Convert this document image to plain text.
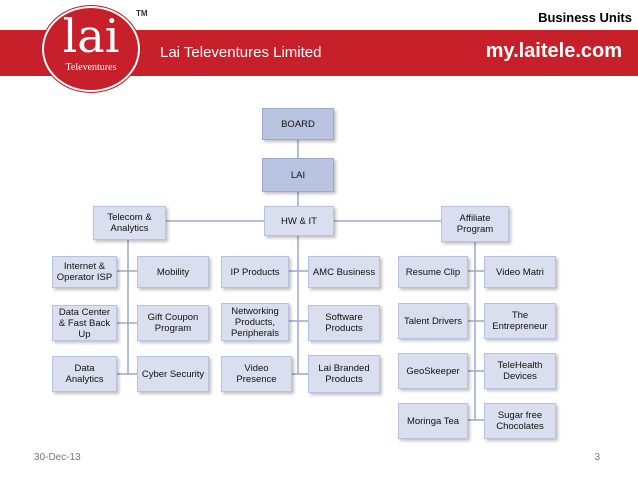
lai
Televentures
TM	Business Units
Lai Televentures Limited	my.laitele.com
BOARD
LAI
Telecom & Analytics
HW & IT	Affiliate Program
Internet & Operator ISP	Mobility
Data Center & Fast Back Up
Gift Coupon Program
Data Analytics	Cyber Security
IP Products	AMC Business
Networking Products, Peripherals
Software Products
Video Presence
Lai Branded Products
Resume Clip	Video Matri
Talent Drivers	The Entrepreneur
GeoSkeeper	TeleHealth Devices
Moringa Tea	Sugar free Chocolates
30-Dec-13	3
